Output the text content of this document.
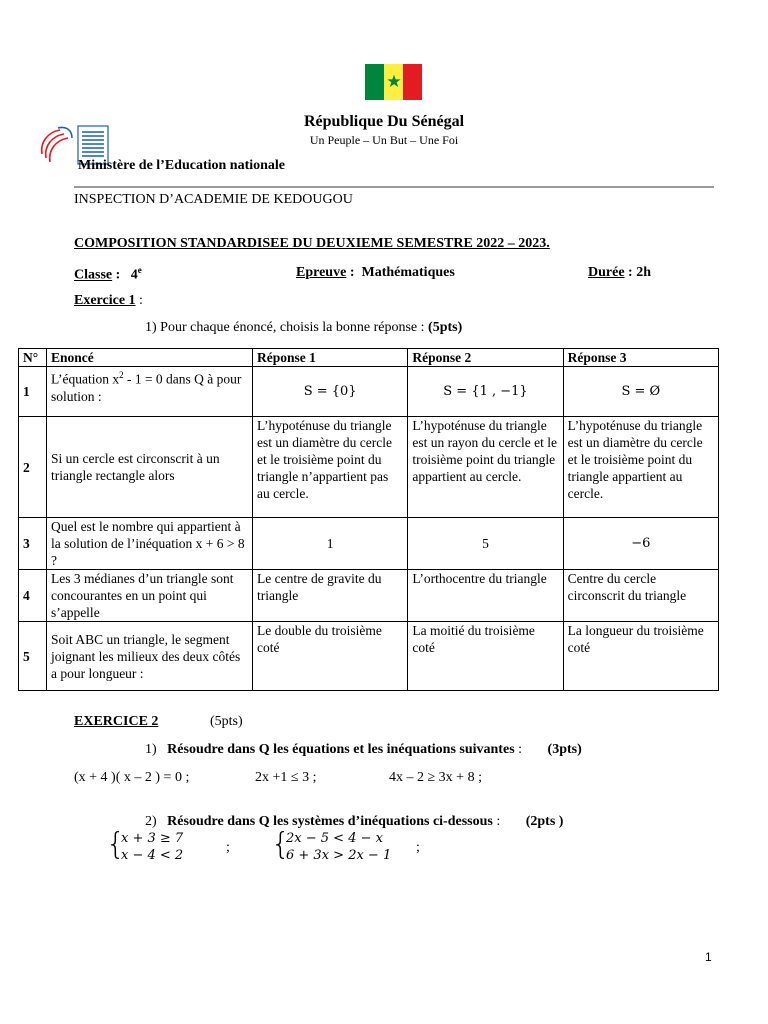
République Du Sénégal
Un Peuple – Un But – Une Foi
Ministère de l’Education nationale
INSPECTION D’ACADEMIE DE KEDOUGOU
COMPOSITION STANDARDISEE DU DEUXIEME SEMESTRE 2022 – 2023.
Classe : 4e	Epreuve : Mathématiques	Durée : 2h
Exercice 1 :
1) Pour chaque énoncé, choisis la bonne réponse : (5pts)
N°	Enoncé	Réponse 1	Réponse 2	Réponse 3
1	L’équation $x^2 - 1 = 0$ dans Q à pour solution :	S = {0}	S = {1 , −1}	S = Ø
2	Si un cercle est circonscrit à un triangle rectangle alors	L’hypoténuse du triangle est un diamètre du cercle et le troisième point du triangle n’appartient pas au cercle.	L’hypoténuse du triangle est un rayon du cercle et le troisième point du triangle appartient au cercle.	L’hypoténuse du triangle est un diamètre du cercle et le troisième point du triangle appartient au cercle.
3	Quel est le nombre qui appartient à la solution de l’inéquation x + 6 > 8 ?	1	5	−6
4	Les 3 médianes d’un triangle sont concourantes en un point qui s’appelle	Le centre de gravite du triangle	L’orthocentre du triangle	Centre du cercle circonscrit du triangle
5	Soit ABC un triangle, le segment joignant les milieux des deux côtés a pour longueur :	Le double du troisième coté	La moitié du troisième coté	La longueur du troisième coté
EXERCICE 2	(5pts)
1) Résoudre dans Q les équations et les inéquations suivantes : (3pts)
(x + 4 )( x – 2 ) = 0 ;	2x +1 ≤ 3 ;	4x – 2 ≥ 3x + 8 ;
2) Résoudre dans Q les systèmes d’inéquations ci-dessous : (2pts )
{
x + 3 ≥ 7
x − 4 < 2
; {
2x − 5 < 4 − x
6 + 3x > 2x − 1
;
1
